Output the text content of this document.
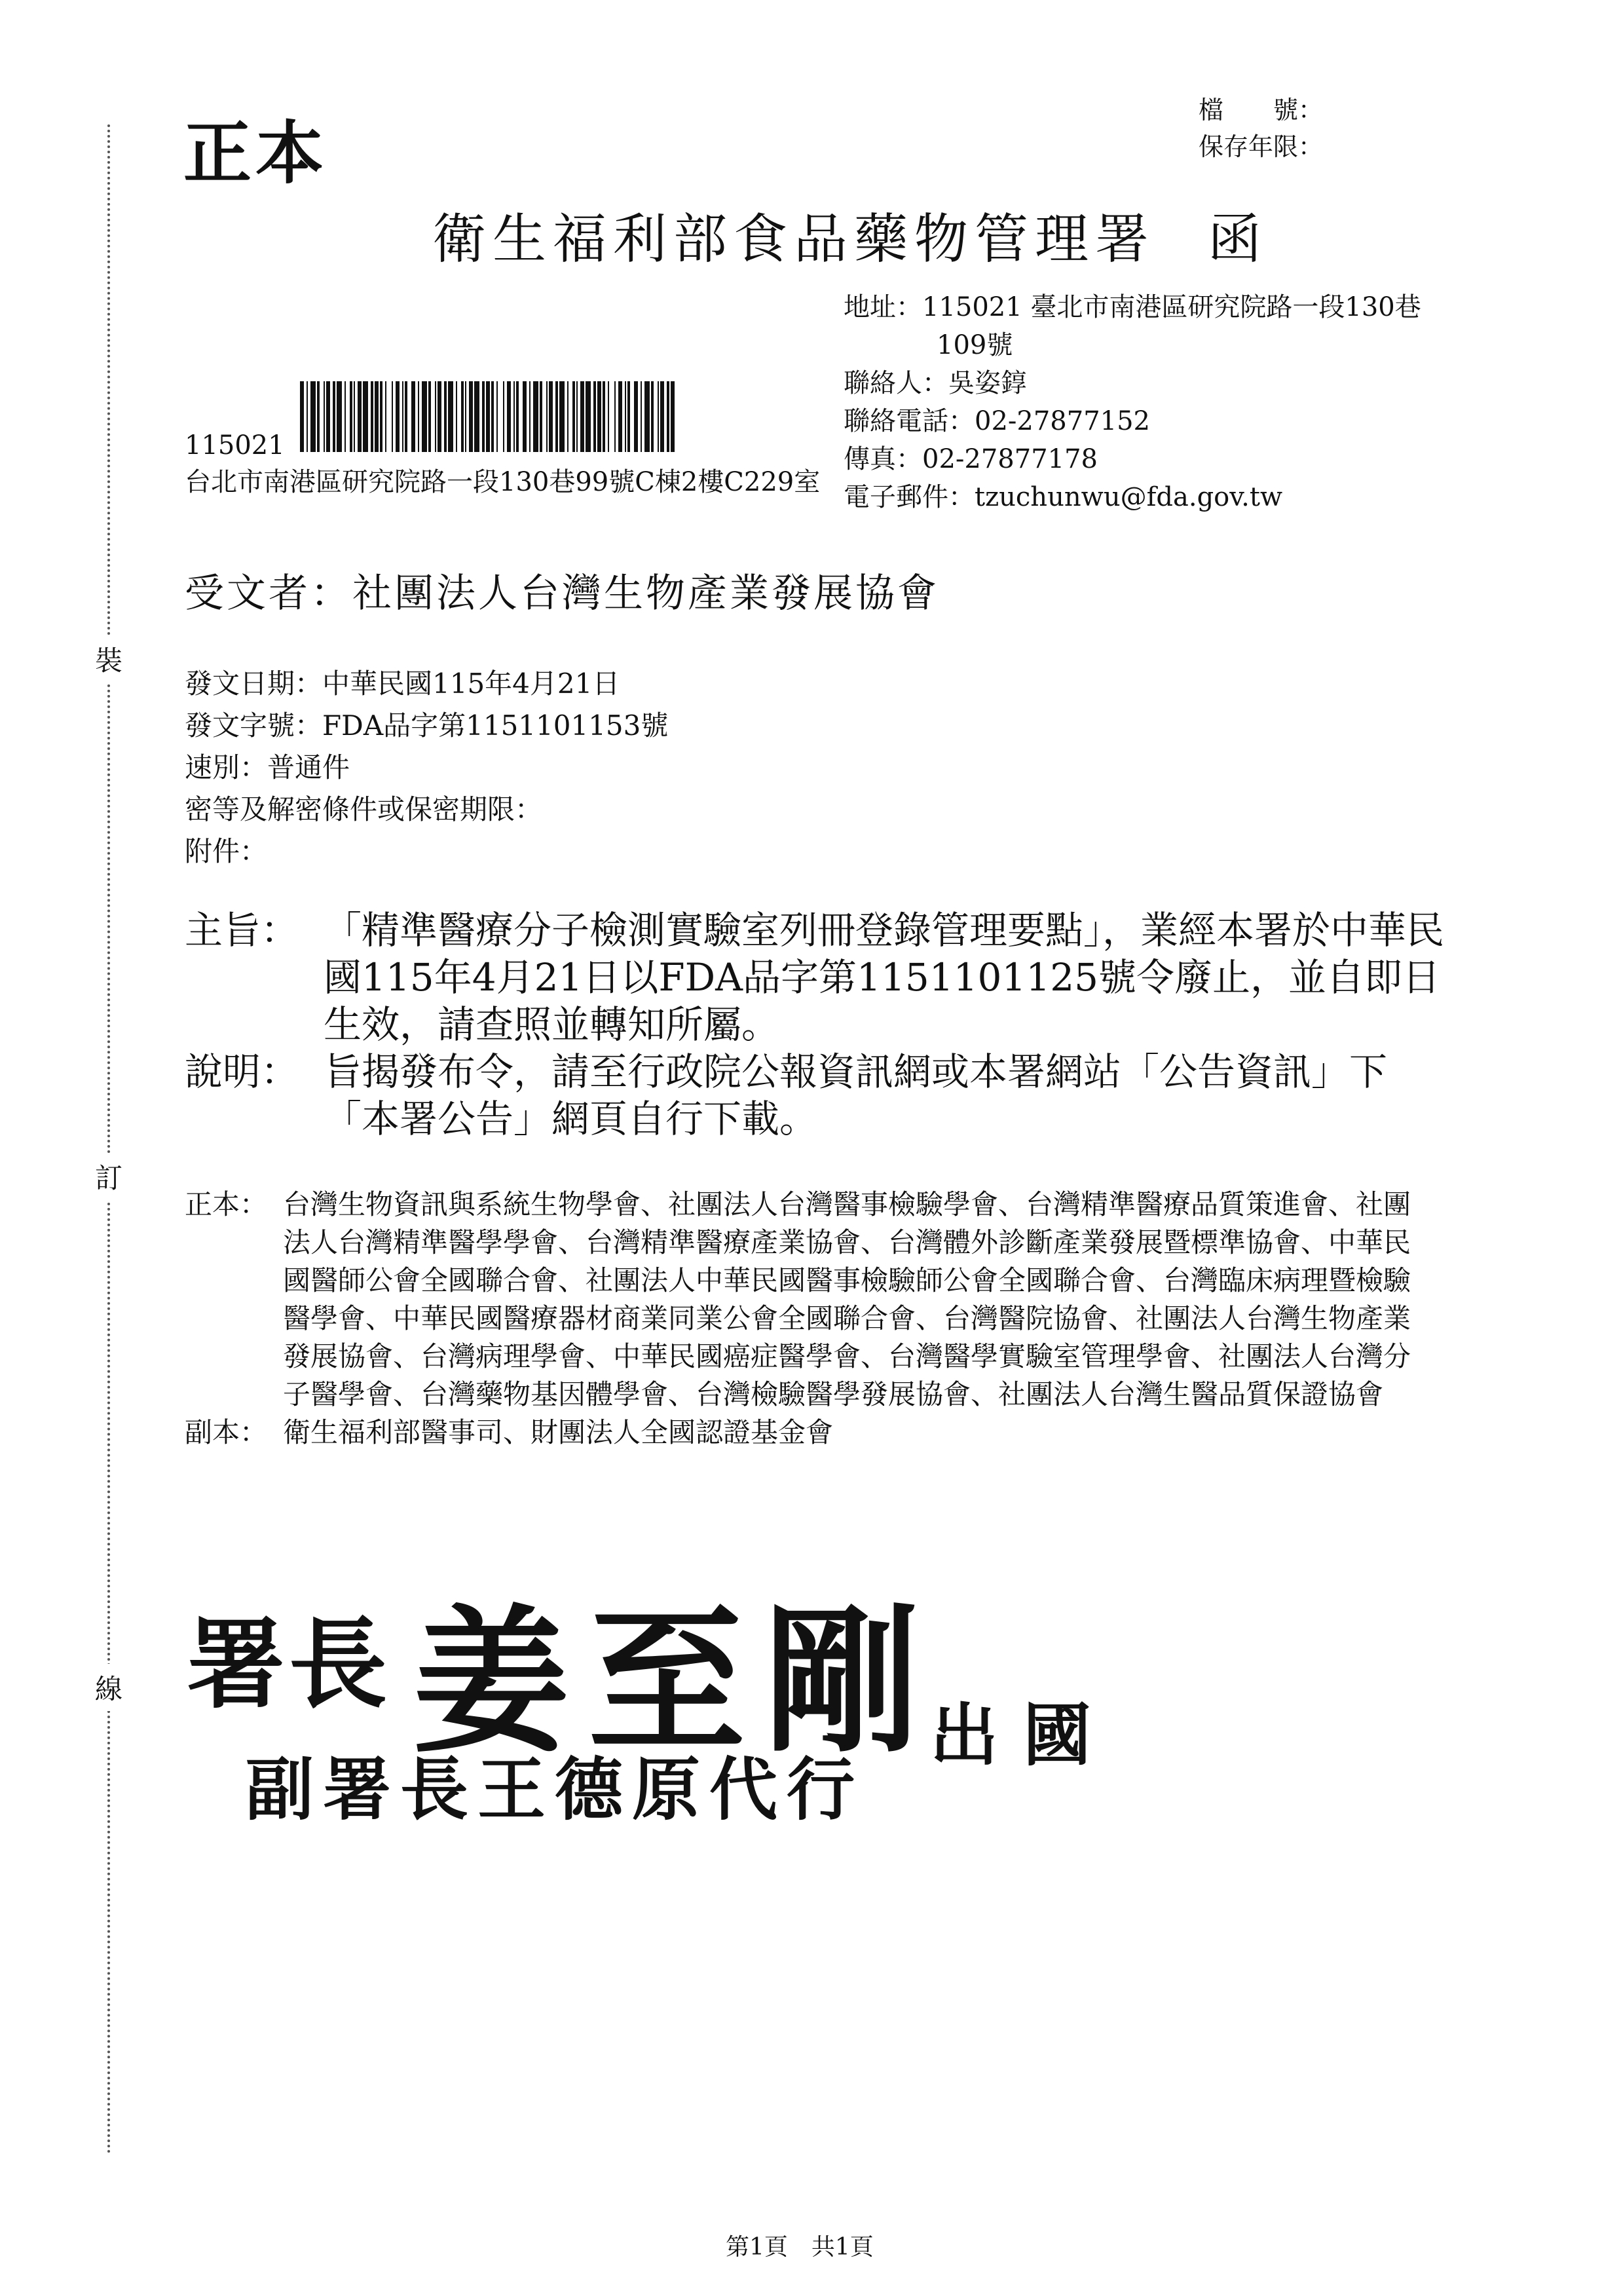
裝
訂
線
正本
檔　　號：
保存年限：
衛生福利部食品藥物管理署 函
地址：115021 臺北市南港區研究院路一段130巷
109號
聯絡人：吳姿錞
聯絡電話：02-27877152
傳真：02-27877178
電子郵件：tzuchunwu@fda.gov.tw
115021
台北市南港區研究院路一段130巷99號C棟2樓C229室
受文者：社團法人台灣生物產業發展協會
發文日期：中華民國115年4月21日
發文字號：FDA品字第1151101153號
速別：普通件
密等及解密條件或保密期限：
附件：
主旨： 「精準醫療分子檢測實驗室列冊登錄管理要點」，業經本署於中華民國115年4月21日以FDA品字第1151101125號令廢止，並自即日生效，請查照並轉知所屬。
說明： 旨揭發布令，請至行政院公報資訊網或本署網站「公告資訊」下「本署公告」網頁自行下載。
正本： 台灣生物資訊與系統生物學會、社團法人台灣醫事檢驗學會、台灣精準醫療品質策進會、社團法人台灣精準醫學學會、台灣精準醫療產業協會、台灣體外診斷產業發展暨標準協會、中華民國醫師公會全國聯合會、社團法人中華民國醫事檢驗師公會全國聯合會、台灣臨床病理暨檢驗醫學會、中華民國醫療器材商業同業公會全國聯合會、台灣醫院協會、社團法人台灣生物產業發展協會、台灣病理學會、中華民國癌症醫學會、台灣醫學實驗室管理學會、社團法人台灣分子醫學會、台灣藥物基因體學會、台灣檢驗醫學發展協會、社團法人台灣生醫品質保證協會
副本： 衛生福利部醫事司、財團法人全國認證基金會
署長 姜至剛
出國
副署長王德原代行
第1頁　共1頁
